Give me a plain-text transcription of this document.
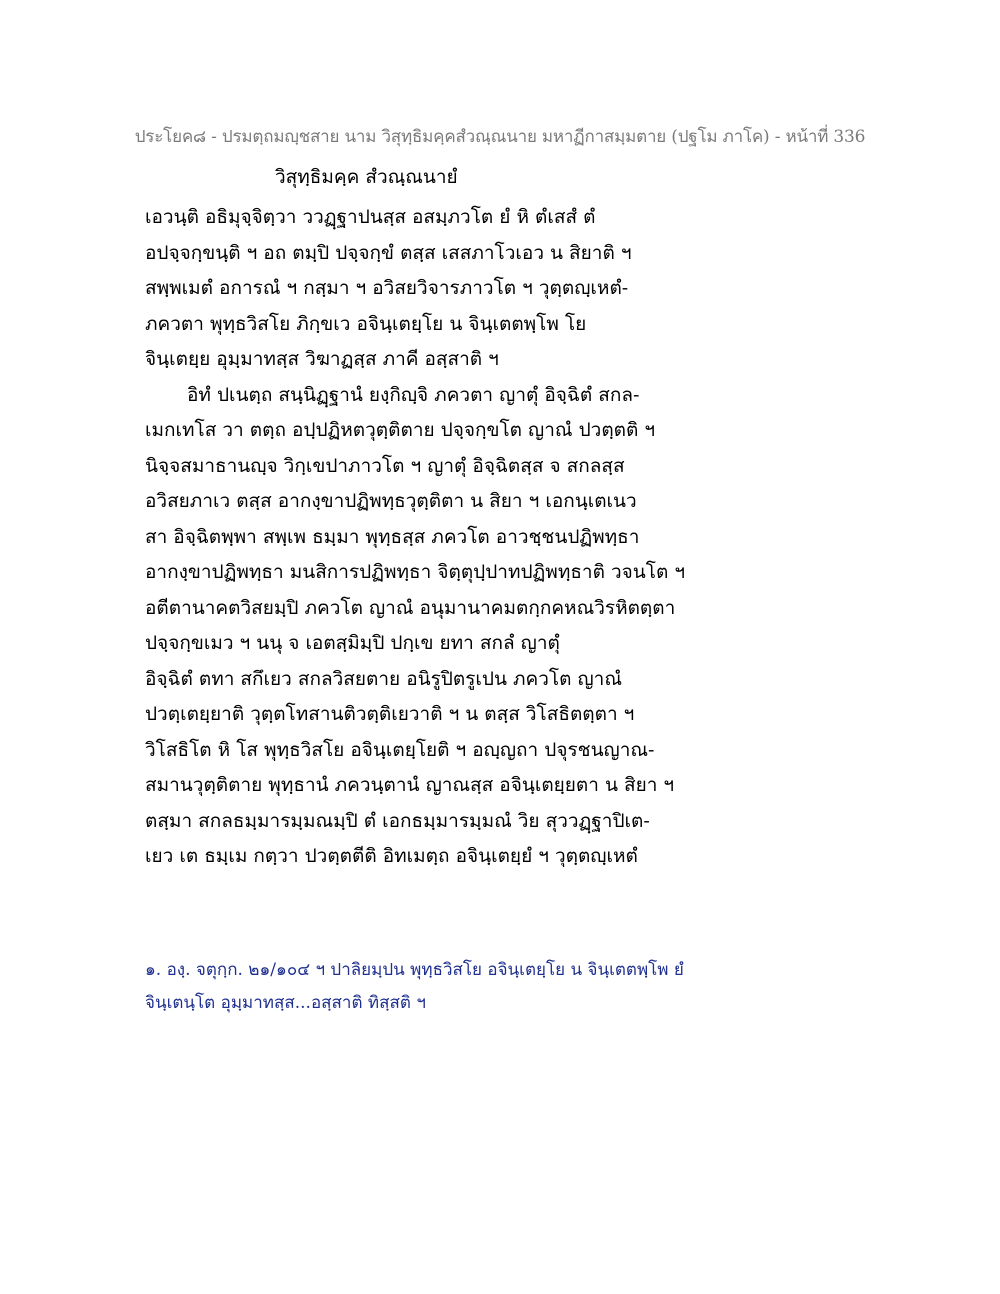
ประโยค๘ - ปรมตฺถมญฺชสาย นาม วิสุทฺธิมคฺคสํวณฺณนาย มหาฏีกาสมฺมตาย (ปฐโม ภาโค) - หน้าที่ 336
วิสุทฺธิมคฺค สํวณฺณนายํ
เอวนฺติ อธิมุจฺจิตฺวา ววฏฺฐาปนสฺส อสมฺภวโต ยํ หิ ตํเสสํ ตํ
อปจฺจกฺขนฺติ ฯ อถ ตมฺปิ ปจฺจกฺขํ ตสฺส เสสภาโวเอว น สิยาติ ฯ
สพฺพเมตํ อการณํ ฯ กสฺมา ฯ อวิสยวิจารภาวโต ฯ วุตฺตญฺเหตํ-
ภควตา พุทฺธวิสโย ภิกฺขเว อจินฺเตยฺโย น จินฺเตตพฺโพ โย
จินฺเตยฺย อุมฺมาทสฺส วิฆาฏสฺส ภาคี อสฺสาติ ฯ
อิทํ ปเนตฺถ สนฺนิฏฺฐานํ ยงฺกิญฺจิ ภควตา ญาตุํ อิจฺฉิตํ สกล-
เมกเทโส วา ตตฺถ อปฺปฏิหตวุตฺติตาย ปจฺจกฺขโต ญาณํ ปวตฺตติ ฯ
นิจฺจสมาธานญฺจ วิกฺเขปาภาวโต ฯ ญาตุํ อิจฺฉิตสฺส จ สกลสฺส
อวิสยภาเว ตสฺส อากงฺขาปฏิพทฺธวุตฺติตา น สิยา ฯ เอกนฺเตเนว
สา อิจฺฉิตพฺพา สพฺเพ ธมฺมา พุทฺธสฺส ภควโต อาวชฺชนปฏิพทฺธา
อากงฺขาปฏิพทฺธา มนสิการปฏิพทฺธา จิตฺตุปฺปาทปฏิพทฺธาติ วจนโต ฯ
อตีตานาคตวิสยมฺปิ ภควโต ญาณํ อนุมานาคมตกฺกคหณวิรหิตตฺตา
ปจฺจกฺขเมว ฯ นนุ จ เอตสฺมิมฺปิ ปกฺเข ยทา สกลํ ญาตุํ
อิจฺฉิตํ ตทา สกึเยว สกลวิสยตาย อนิรูปิตรูเปน ภควโต ญาณํ
ปวตฺเตยฺยาติ วุตฺตโทสานติวตฺติเยวาติ ฯ น ตสฺส วิโสธิตตฺตา ฯ
วิโสธิโต หิ โส พุทฺธวิสโย อจินฺเตยฺโยติ ฯ อญฺญถา ปจุรชนญาณ-
สมานวุตฺติตาย พุทฺธานํ ภควนฺตานํ ญาณสฺส อจินฺเตยฺยตา น สิยา ฯ
ตสฺมา สกลธมฺมารมฺมณมฺปิ ตํ เอกธมฺมารมฺมณํ วิย สุววฏฺฐาปิเต-
เยว เต ธมฺเม กตฺวา ปวตฺตตีติ อิทเมตฺถ อจินฺเตยฺยํ ฯ วุตฺตญฺเหตํ
๑. องฺ. จตุกฺก. ๒๑/๑๐๔ ฯ ปาลิยมฺปน พุทฺธวิสโย อจินฺเตยฺโย น จินฺเตตพฺโพ ยํ
จินฺเตนฺโต อุมฺมาทสฺส...อสฺสาติ ทิสฺสติ ฯ
